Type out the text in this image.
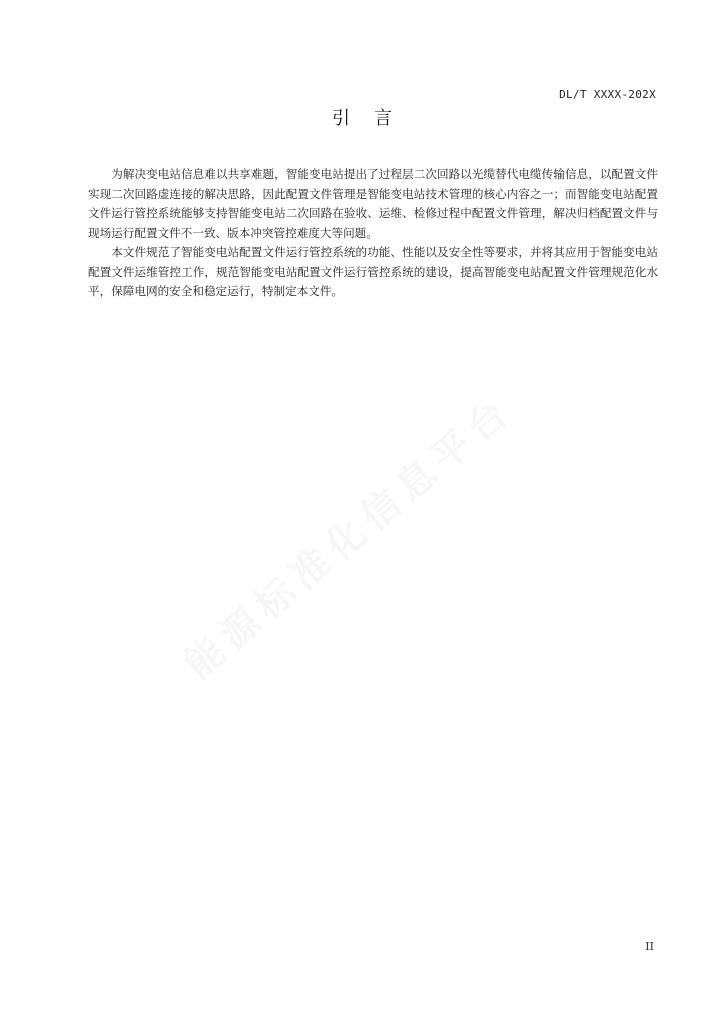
DL/T XXXX-202X
引言

为解决变电站信息难以共享难题，智能变电站提出了过程层二次回路以光缆替代电缆传输信息，以配置文件实现二次回路虚连接的解决思路，因此配置文件管理是智能变电站技术管理的核心内容之一；而智能变电站配置文件运行管控系统能够支持智能变电站二次回路在验收、运维、检修过程中配置文件管理，解决归档配置文件与现场运行配置文件不一致、版本冲突管控难度大等问题。

本文件规范了智能变电站配置文件运行管控系统的功能、性能以及安全性等要求，并将其应用于智能变电站配置文件运维管控工作，规范智能变电站配置文件运行管控系统的建设，提高智能变电站配置文件管理规范化水平，保障电网的安全和稳定运行，特制定本文件。

能源标准化信息平台
II
